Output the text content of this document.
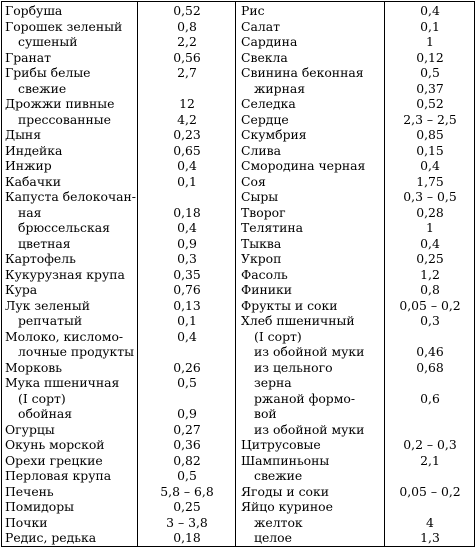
Горбуша	0,52
Горошек зеленый	0,8
сушеный	2,2
Гранат	0,56
Грибы белые	2,7
свежие
Дрожжи пивные	12
прессованные	4,2
Дыня	0,23
Индейка	0,65
Инжир	0,4
Кабачки	0,1
Капуста белокочан-
ная	0,18
брюссельская	0,4
цветная	0,9
Картофель	0,3
Кукурузная крупа	0,35
Кура	0,76
Лук зеленый	0,13
репчатый	0,1
Молоко, кисломо-	0,4
лочные продукты
Морковь	0,26
Мука пшеничная	0,5
(I сорт)
обойная	0,9
Огурцы	0,27
Окунь морской	0,36
Орехи грецкие	0,82
Перловая крупа	0,5
Печень	5,8 – 6,8
Помидоры	0,25
Почки	3 – 3,8
Редис, редька	0,18
Рис	0,4
Салат	0,1
Сардина	1
Свекла	0,12
Свинина беконная	0,5
жирная	0,37
Селедка	0,52
Сердце	2,3 – 2,5
Скумбрия	0,85
Слива	0,15
Смородина черная	0,4
Соя	1,75
Сыры	0,3 – 0,5
Творог	0,28
Телятина	1
Тыква	0,4
Укроп	0,25
Фасоль	1,2
Финики	0,8
Фрукты и соки	0,05 – 0,2
Хлеб пшеничный	0,3
(I сорт)
из обойной муки	0,46
из цельного	0,68
зерна
ржаной формо-	0,6
вой
из обойной муки
Цитрусовые	0,2 – 0,3
Шампиньоны	2,1
свежие
Ягоды и соки	0,05 – 0,2
Яйцо куриное
желток	4
целое	1,3
